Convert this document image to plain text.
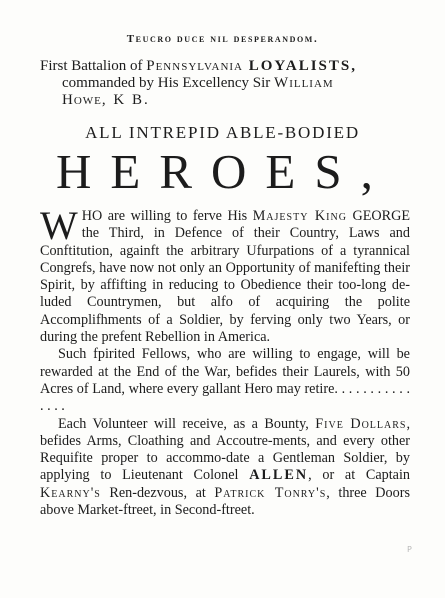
Teucro duce nil desperandom.
First Battalion of Pennsylvania LOYALISTS,
commanded by His Excellency Sir William
Howe, K B.
ALL INTREPID ABLE-BODIED
HEROES,

WHO are willing to ferve His Majesty King GEORGE the Third, in Defence of their Country, Laws and Conftitution, againft the arbitrary Ufurpations of a tyrannical Congrefs, have now not only an Opportunity of manifefting their Spirit, by affifting in reducing to Obedience their too-long de-luded Countrymen, but alfo of acquiring the polite Accomplifhments of a Soldier, by ferving only two Years, or during the prefent Rebellion in America.

Such fpirited Fellows, who are willing to engage, will be rewarded at the End of the War, befides their Laurels, with 50 Acres of Land, where every gallant Hero may retire. . . . . . . . . . . . . . .

Each Volunteer will receive, as a Bounty, Five Dollars, befides Arms, Cloathing and Accoutre-ments, and every other Requifite proper to accommo-date a Gentleman Soldier, by applying to Lieutenant Colonel ALLEN, or at Captain Kearny's Ren-dezvous, at Patrick Tonry's, three Doors above Market-ftreet, in Second-ftreet.

P
